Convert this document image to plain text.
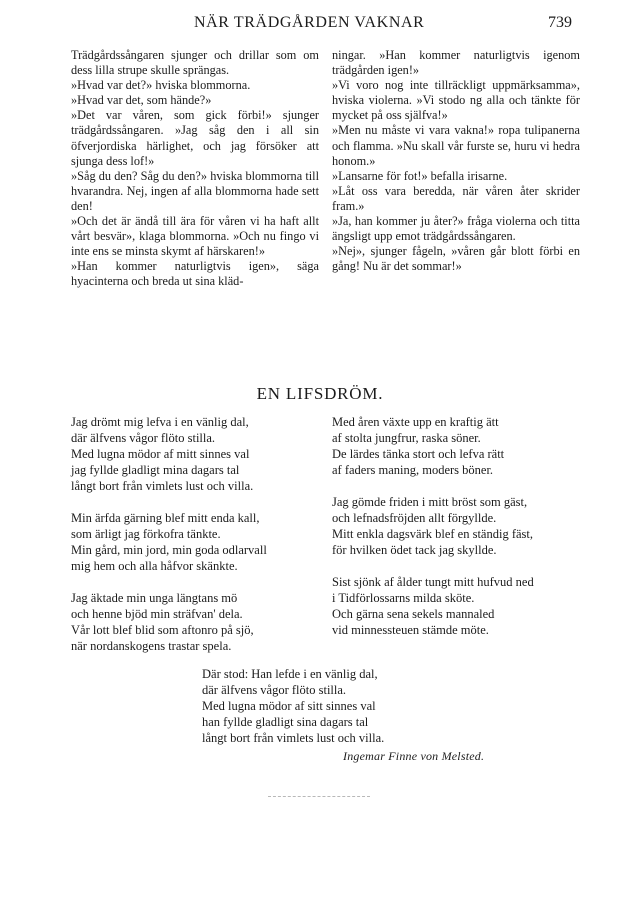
NÄR TRÄDGÅRDEN VAKNAR	739

Trädgårdssångaren sjunger och drillar som om dess lilla strupe skulle sprängas.

»Hvad var det?» hviska blommorna.

»Hvad var det, som hände?»

»Det var våren, som gick förbi!» sjunger trädgårdssångaren. »Jag såg den i all sin öfverjordiska härlighet, och jag försöker att sjunga dess lof!»

»Såg du den? Såg du den?» hviska blommorna till hvarandra. Nej, ingen af alla blommorna hade sett den!

»Och det är ändå till ära för våren vi ha haft allt vårt besvär», klaga blommorna. »Och nu fingo vi inte ens se minsta skymt af härskaren!»

»Han kommer naturligtvis igen», säga hyacinterna och breda ut sina kläd-

ningar. »Han kommer naturligtvis igenom trädgården igen!»

»Vi voro nog inte tillräckligt uppmärksamma», hviska violerna. »Vi stodo ng alla och tänkte för mycket på oss själfva!»

»Men nu måste vi vara vakna!» ropa tulipanerna och flamma. »Nu skall vår furste se, huru vi hedra honom.»

»Lansarne för fot!» befalla irisarne.

»Låt oss vara beredda, när våren åter skrider fram.»

»Ja, han kommer ju åter?» fråga violerna och titta ängsligt upp emot trädgårdssångaren.

»Nej», sjunger fågeln, »våren går blott förbi en gång! Nu är det sommar!»

EN LIFSDRÖM.
Jag drömt mig lefva i en vänlig dal,
där älfvens vågor flöto stilla.
Med lugna mödor af mitt sinnes val
jag fyllde gladligt mina dagars tal
långt bort från vimlets lust och villa.
Min ärfda gärning blef mitt enda kall,
som ärligt jag förkofra tänkte.
Min gård, min jord, min goda odlarvall
mig hem och alla håfvor skänkte.
Jag äktade min unga längtans mö
och henne bjöd min sträfvan' dela.
Vår lott blef blid som aftonro på sjö,
när nordanskogens trastar spela.
Med åren växte upp en kraftig ätt
af stolta jungfrur, raska söner.
De lärdes tänka stort och lefva rätt
af faders maning, moders böner.
Jag gömde friden i mitt bröst som gäst,
och lefnadsfröjden allt förgyllde.
Mitt enkla dagsvärk blef en ständig fäst,
för hvilken ödet tack jag skyllde.
Sist sjönk af ålder tungt mitt hufvud ned
i Tidförlossarns milda sköte.
Och gärna sena sekels mannaled
vid minnessteuen stämde möte.
Där stod: Han lefde i en vänlig dal,
där älfvens vågor flöto stilla.
Med lugna mödor af sitt sinnes val
han fyllde gladligt sina dagars tal
långt bort från vimlets lust och villa.
Ingemar Finne von Melsted.
